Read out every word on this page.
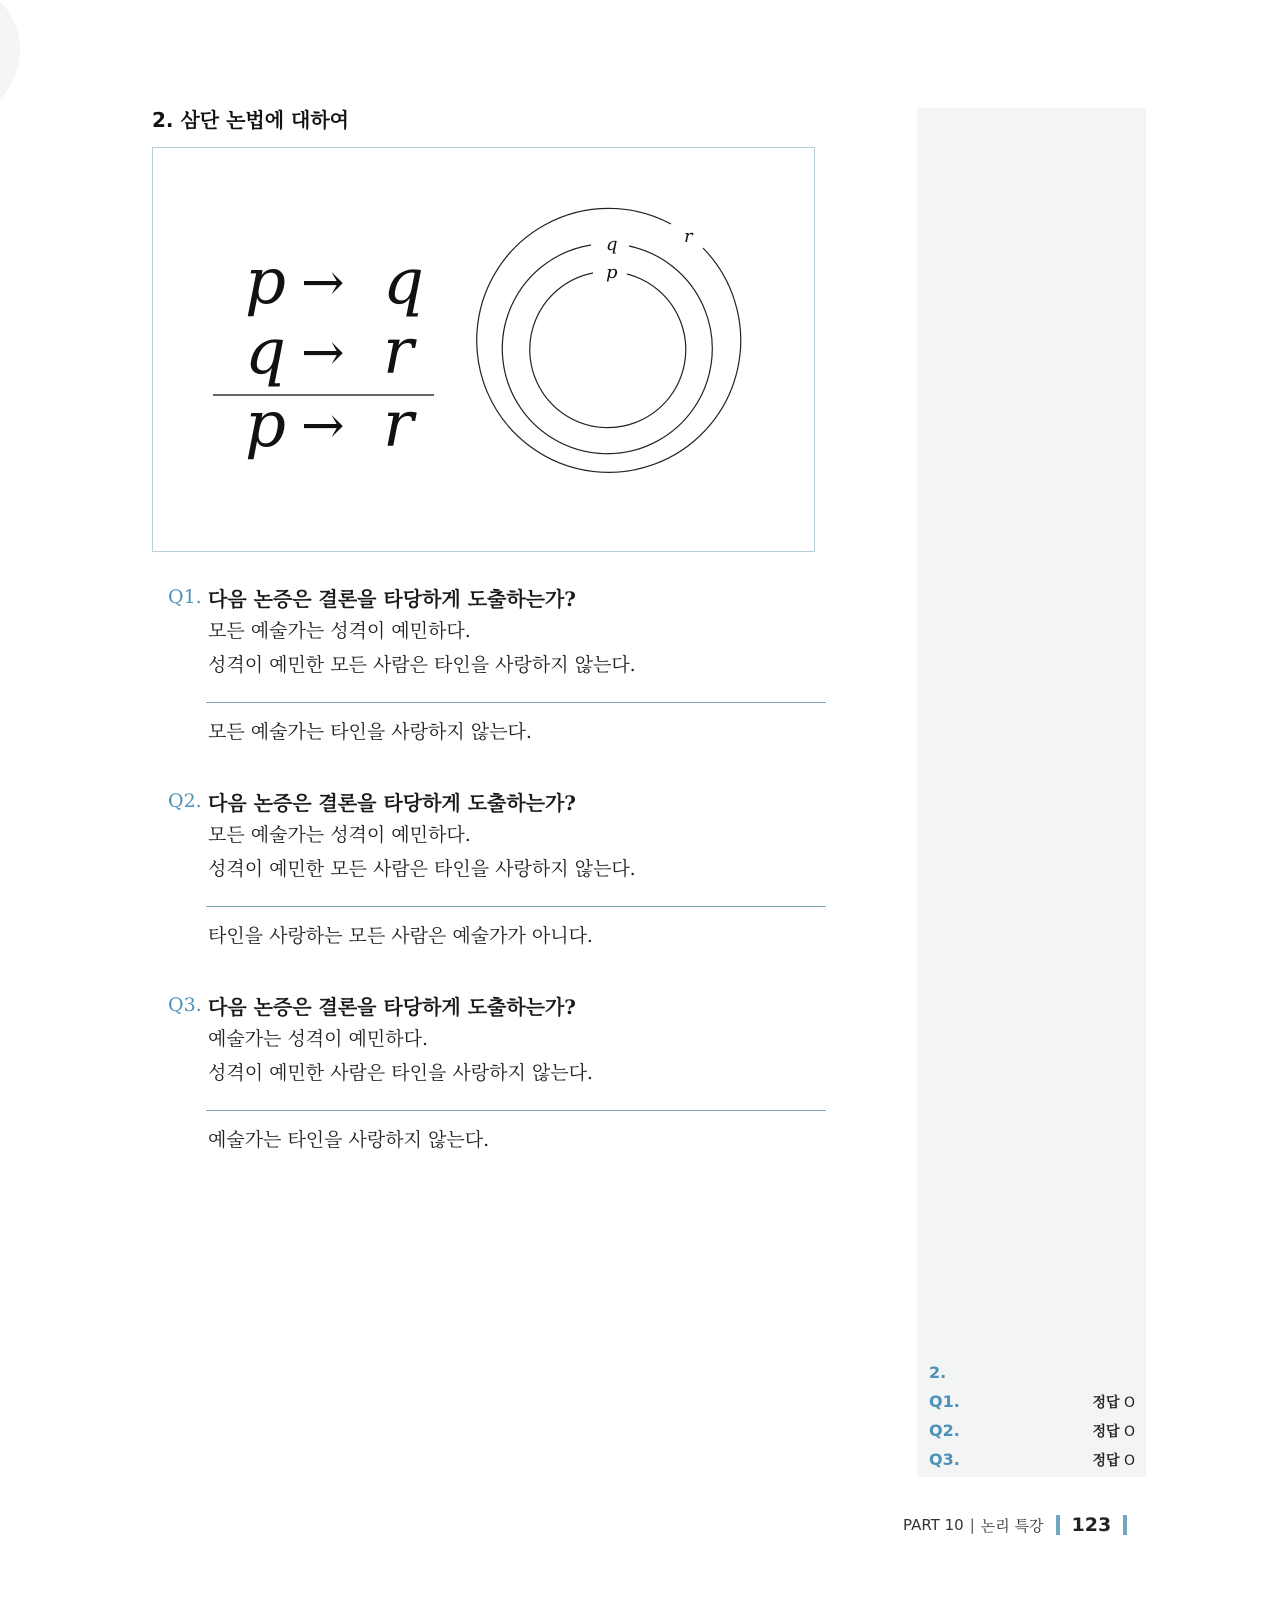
2. 삼단 논법에 대하여
p → q
q → r
p → r
r
q
p
Q1. 다음 논증은 결론을 타당하게 도출하는가?
모든 예술가는 성격이 예민하다.
성격이 예민한 모든 사람은 타인을 사랑하지 않는다.
모든 예술가는 타인을 사랑하지 않는다.
Q2. 다음 논증은 결론을 타당하게 도출하는가?
모든 예술가는 성격이 예민하다.
성격이 예민한 모든 사람은 타인을 사랑하지 않는다.
타인을 사랑하는 모든 사람은 예술가가 아니다.
Q3. 다음 논증은 결론을 타당하게 도출하는가?
예술가는 성격이 예민하다.
성격이 예민한 사람은 타인을 사랑하지 않는다.
예술가는 타인을 사랑하지 않는다.
2.
Q1.	정답 O
Q2.	정답 O
Q3.	정답 O
PART 10 | 논리 특강 123
